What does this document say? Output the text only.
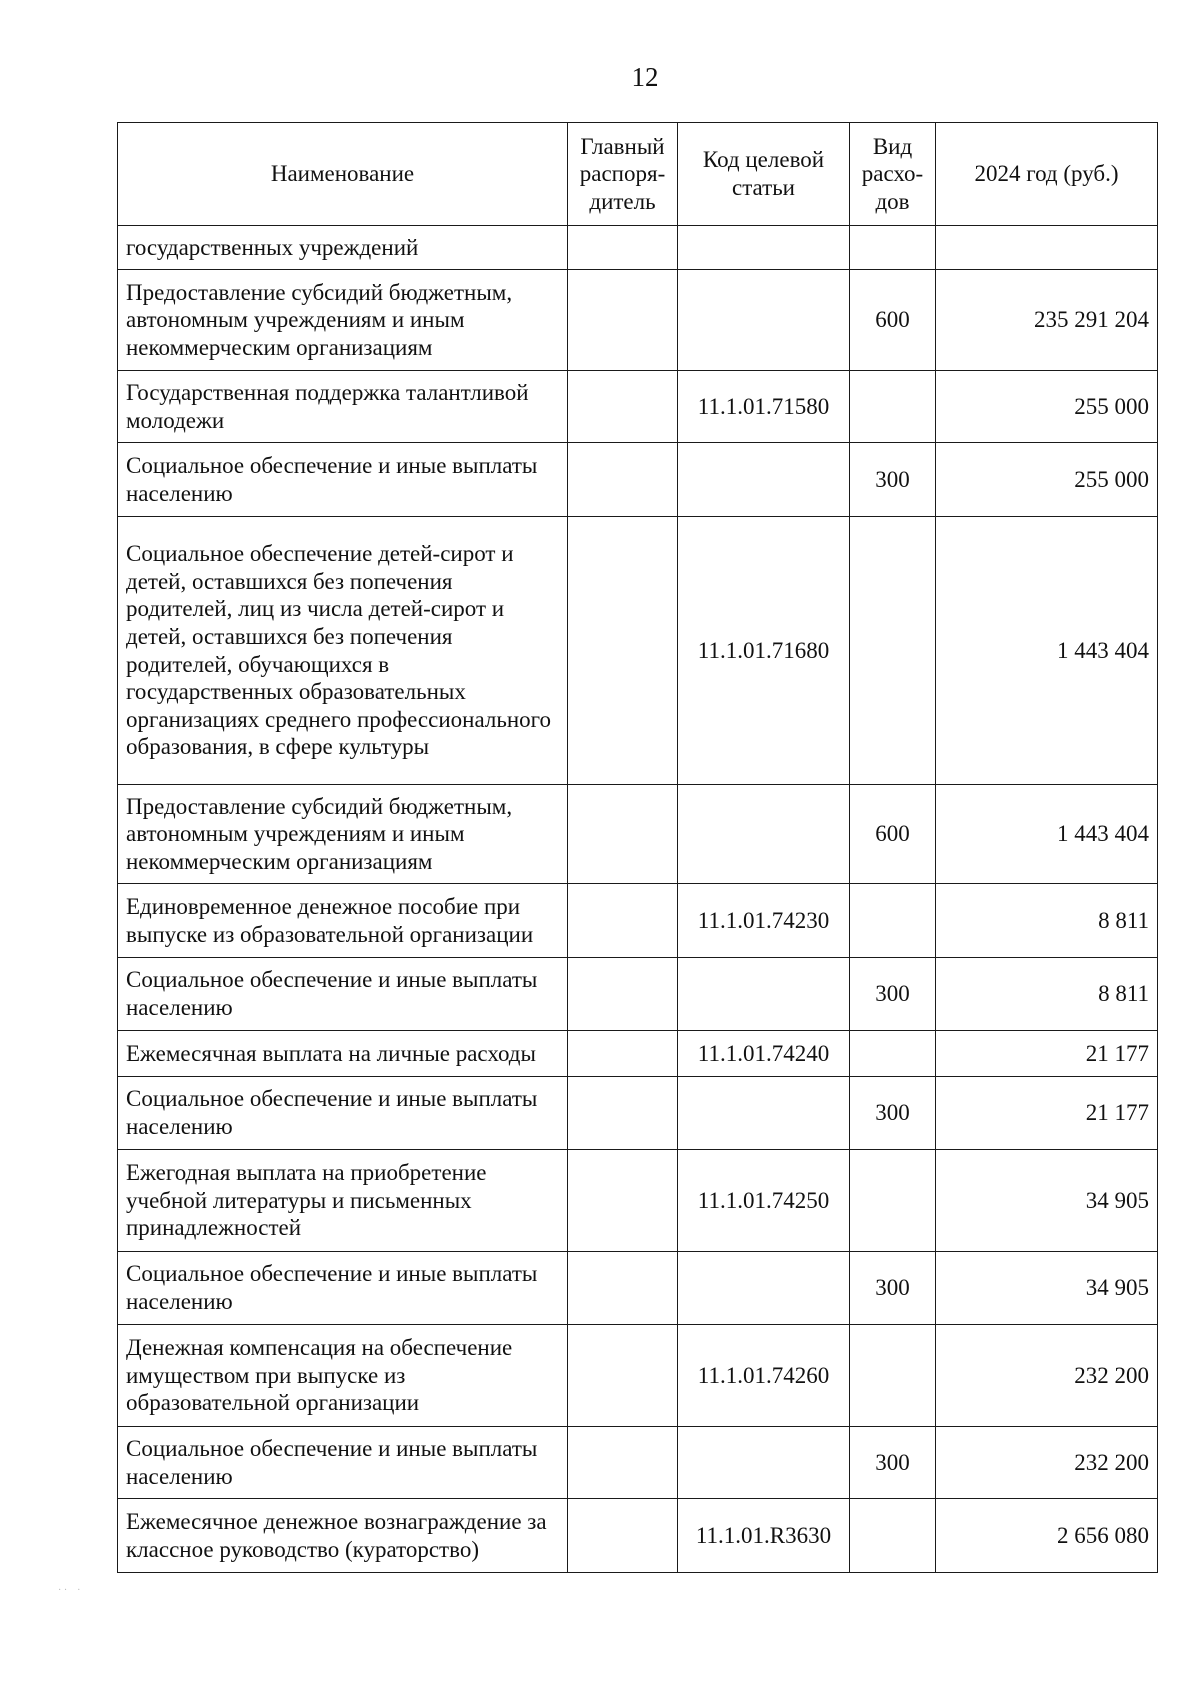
12
Наименование	Главный распоря-дитель	Код целевой статьи	Вид расхо-дов	2024 год (руб.)
государственных учреждений				
Предоставление субсидий бюджетным, автономным учреждениям и иным некоммерческим организациям			600	235 291 204
Государственная поддержка талантливой молодежи		11.1.01.71580		255 000
Социальное обеспечение и иные выплаты населению			300	255 000
Социальное обеспечение детей-сирот и детей, оставшихся без попечения родителей, лиц из числа детей-сирот и детей, оставшихся без попечения родителей, обучающихся в государственных образовательных организациях среднего профессионального образования, в сфере культуры		11.1.01.71680		1 443 404
Предоставление субсидий бюджетным, автономным учреждениям и иным некоммерческим организациям			600	1 443 404
Единовременное денежное пособие при выпуске из образовательной организации		11.1.01.74230		8 811
Социальное обеспечение и иные выплаты населению			300	8 811
Ежемесячная выплата на личные расходы		11.1.01.74240		21 177
Социальное обеспечение и иные выплаты населению			300	21 177
Ежегодная выплата на приобретение учебной литературы и письменных принадлежностей		11.1.01.74250		34 905
Социальное обеспечение и иные выплаты населению			300	34 905
Денежная компенсация на обеспечение имуществом при выпуске из образовательной организации		11.1.01.74260		232 200
Социальное обеспечение и иные выплаты населению			300	232 200
Ежемесячное денежное вознаграждение за классное руководство (кураторство)		11.1.01.R3630		2 656 080
· ·    ·
